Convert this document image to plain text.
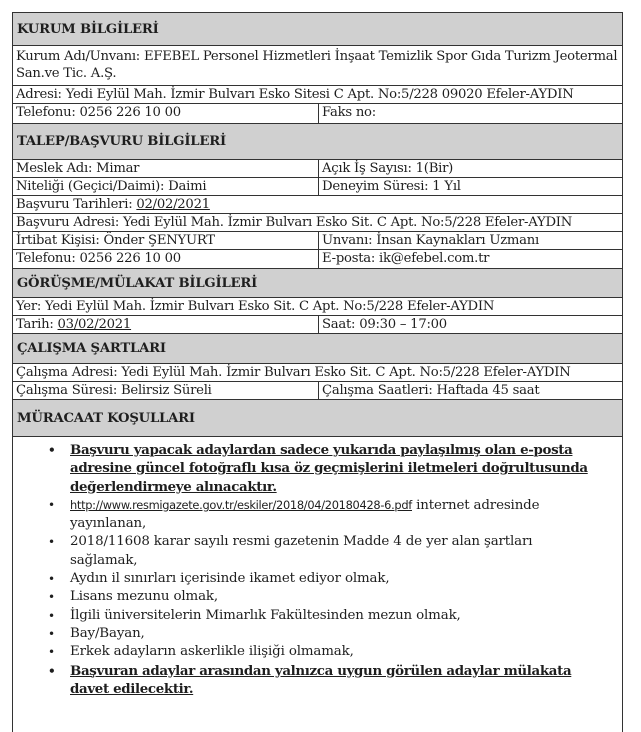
KURUM BİLGİLERİ
Kurum Adı/Unvanı: EFEBEL Personel Hizmetleri İnşaat Temizlik Spor Gıda Turizm Jeotermal San.ve Tic. A.Ş.
Adresi: Yedi Eylül Mah. İzmir Bulvarı Esko Sitesi C Apt. No:5/228 09020 Efeler-AYDIN
Telefonu: 0256 226 10 00	Faks no:
TALEP/BAŞVURU BİLGİLERİ
Meslek Adı: Mimar	Açık İş Sayısı: 1(Bir)
Niteliği (Geçici/Daimi): Daimi	Deneyim Süresi: 1 Yıl
Başvuru Tarihleri: 02/02/2021
Başvuru Adresi: Yedi Eylül Mah. İzmir Bulvarı Esko Sit. C Apt. No:5/228 Efeler-AYDIN
İrtibat Kişisi: Önder ŞENYURT	Unvanı: İnsan Kaynakları Uzmanı
Telefonu: 0256 226 10 00	E-posta: ik@efebel.com.tr
GÖRÜŞME/MÜLAKAT BİLGİLERİ
Yer: Yedi Eylül Mah. İzmir Bulvarı Esko Sit. C Apt. No:5/228 Efeler-AYDIN
Tarih: 03/02/2021	Saat: 09:30 – 17:00
ÇALIŞMA ŞARTLARI
Çalışma Adresi: Yedi Eylül Mah. İzmir Bulvarı Esko Sit. C Apt. No:5/228 Efeler-AYDIN
Çalışma Süresi: Belirsiz Süreli	Çalışma Saatleri: Haftada 45 saat
MÜRACAAT KOŞULLARI
• Başvuru yapacak adaylardan sadece yukarıda paylaşılmış olan e-posta adresine güncel fotoğraflı kısa öz geçmişlerini iletmeleri doğrultusunda değerlendirmeye alınacaktır.
• http://www.resmigazete.gov.tr/eskiler/2018/04/20180428-6.pdf internet adresinde yayınlanan,
• 2018/11608 karar sayılı resmi gazetenin Madde 4 de yer alan şartları sağlamak,
• Aydın il sınırları içerisinde ikamet ediyor olmak,
• Lisans mezunu olmak,
• İlgili üniversitelerin Mimarlık Fakültesinden mezun olmak,
• Bay/Bayan,
• Erkek adayların askerlikle ilişiği olmamak,
• Başvuran adaylar arasından yalnızca uygun görülen adaylar mülakata davet edilecektir.
